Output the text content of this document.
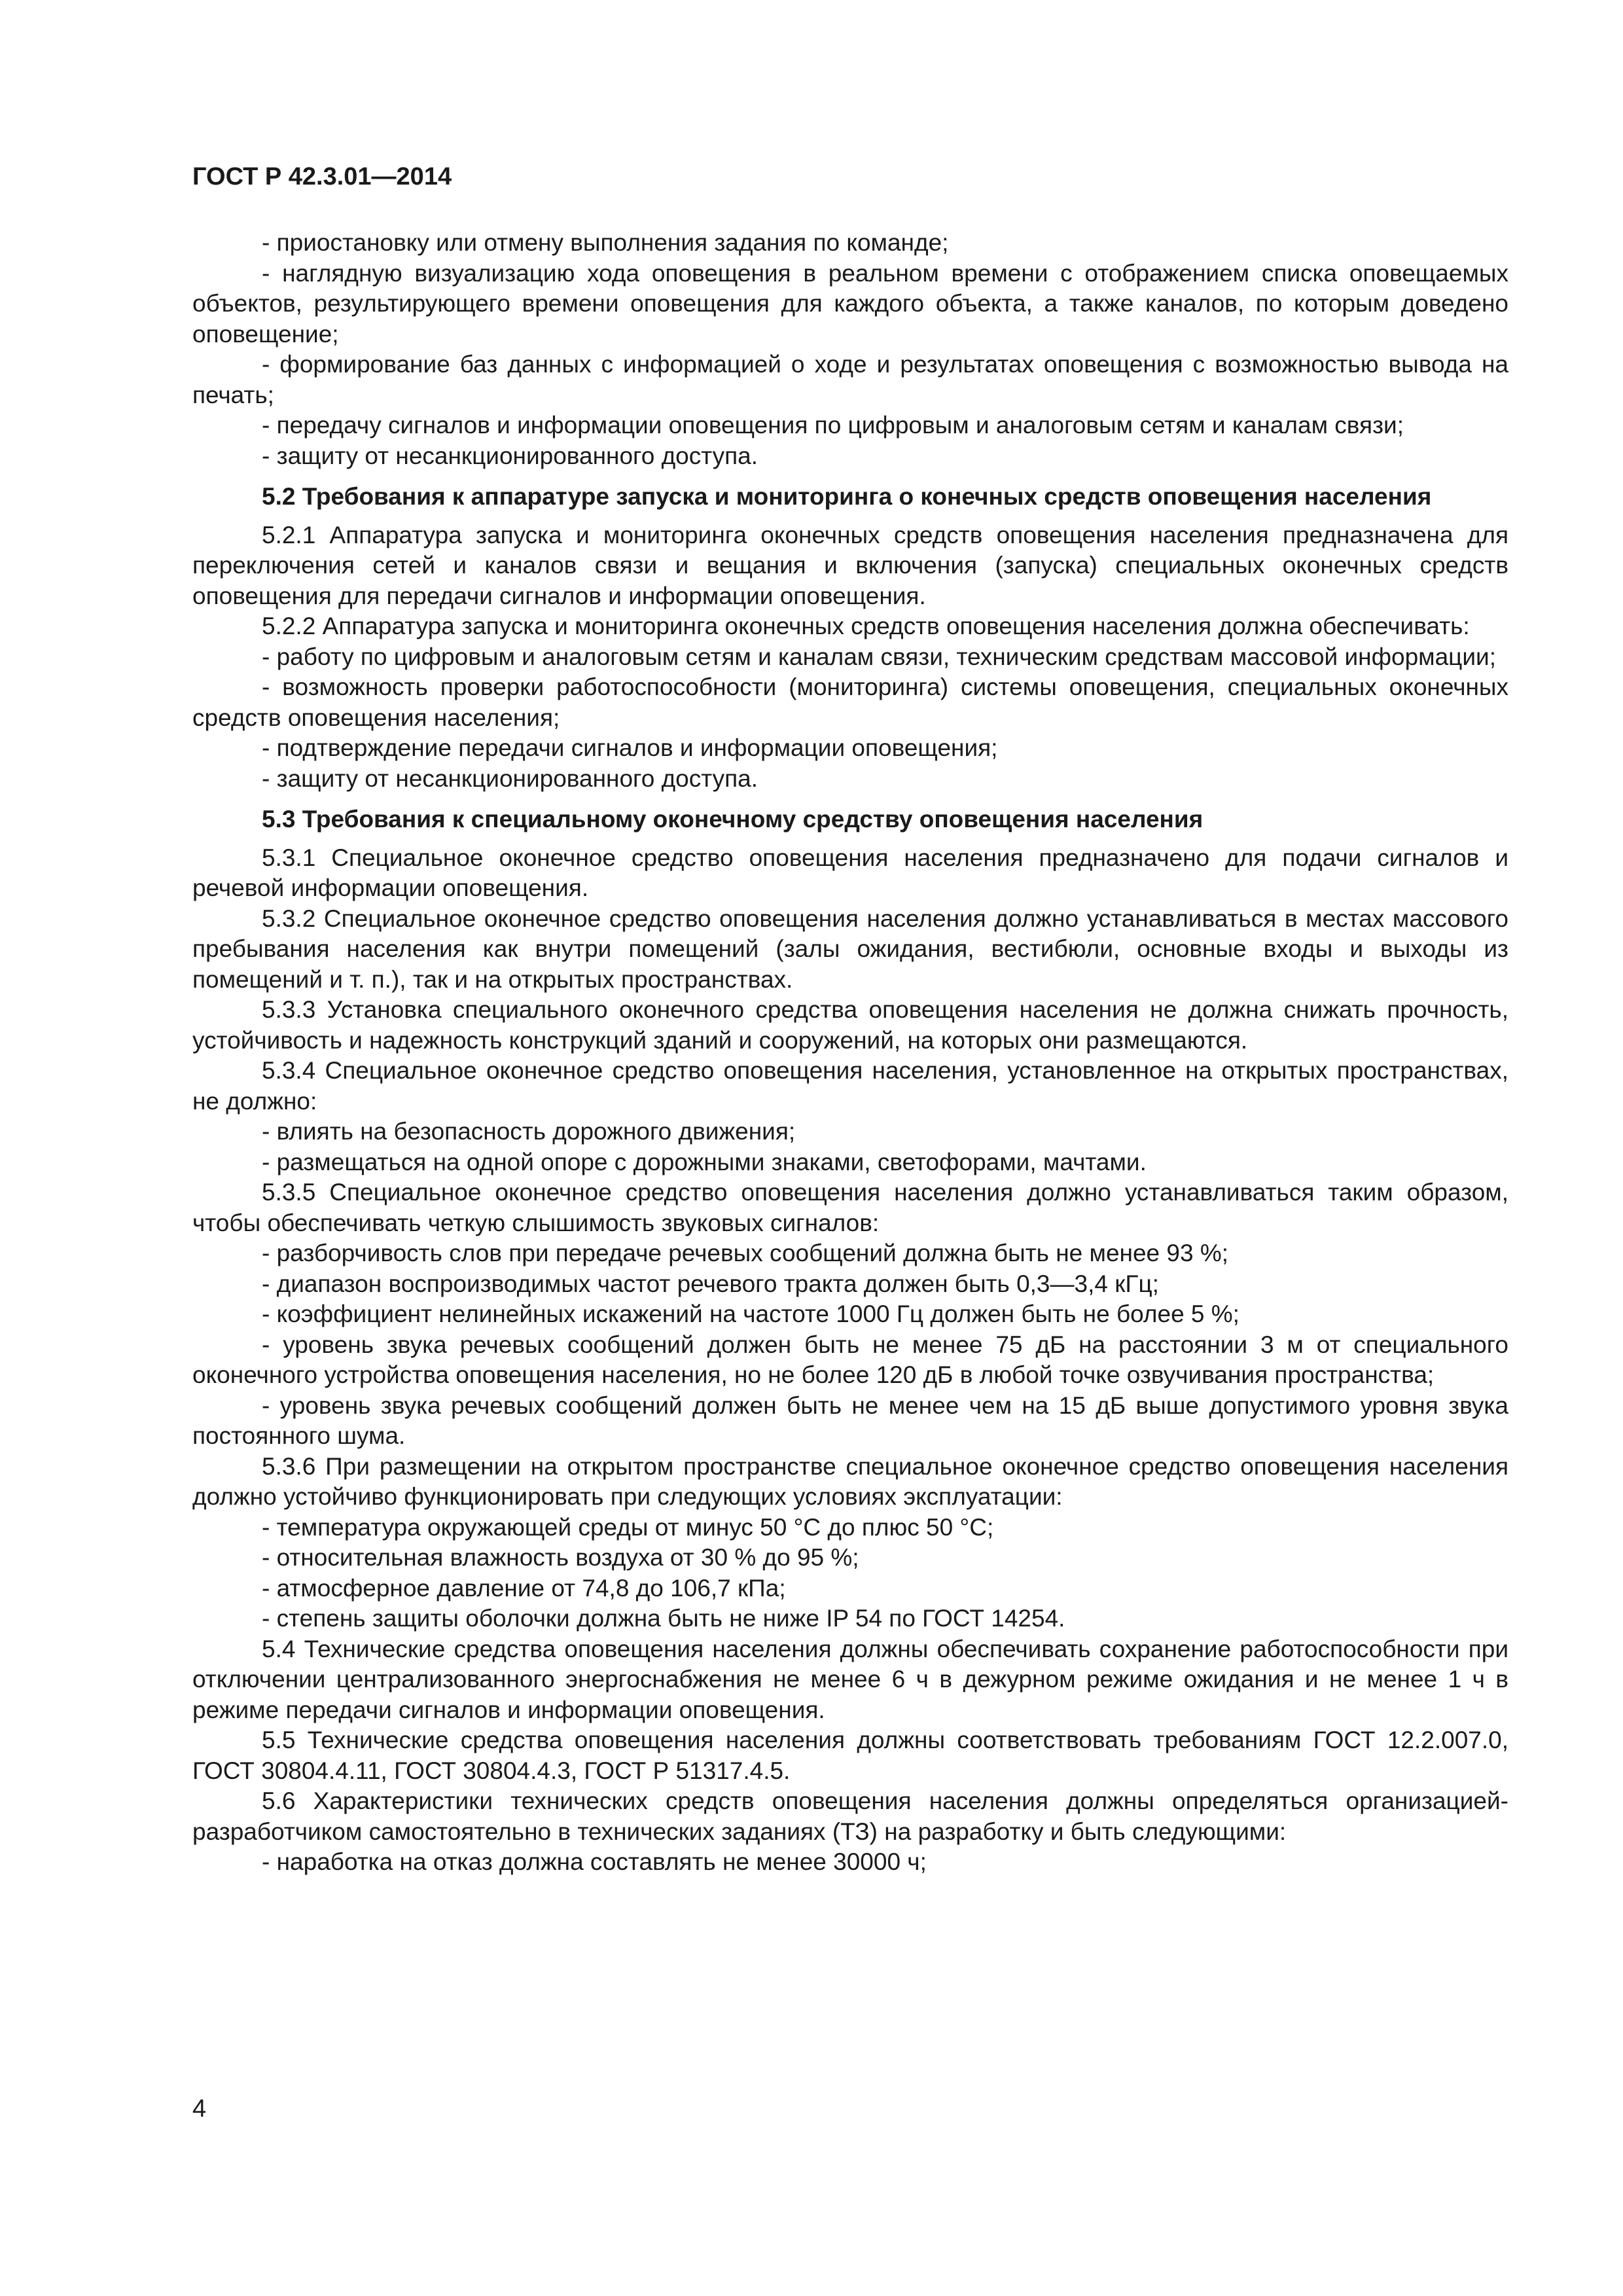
ГОСТ Р 42.3.01—2014

- приостановку или отмену выполнения задания по команде;

- наглядную визуализацию хода оповещения в реальном времени с отображением списка оповещаемых объектов, результирующего времени оповещения для каждого объекта, а также каналов, по которым доведено оповещение;

- формирование баз данных с информацией о ходе и результатах оповещения с возможностью вывода на печать;

- передачу сигналов и информации оповещения по цифровым и аналоговым сетям и каналам связи;

- защиту от несанкционированного доступа.

5.2 Требования к аппаратуре запуска и мониторинга о конечных средств оповещения населения

5.2.1 Аппаратура запуска и мониторинга оконечных средств оповещения населения предназначена для переключения сетей и каналов связи и вещания и включения (запуска) специальных оконечных средств оповещения для передачи сигналов и информации оповещения.

5.2.2 Аппаратура запуска и мониторинга оконечных средств оповещения населения должна обеспечивать:

- работу по цифровым и аналоговым сетям и каналам связи, техническим средствам массовой информации;

- возможность проверки работоспособности (мониторинга) системы оповещения, специальных оконечных средств оповещения населения;

- подтверждение передачи сигналов и информации оповещения;

- защиту от несанкционированного доступа.

5.3 Требования к специальному оконечному средству оповещения населения

5.3.1 Специальное оконечное средство оповещения населения предназначено для подачи сигналов и речевой информации оповещения.

5.3.2 Специальное оконечное средство оповещения населения должно устанавливаться в местах массового пребывания населения как внутри помещений (залы ожидания, вестибюли, основные входы и выходы из помещений и т. п.), так и на открытых пространствах.

5.3.3 Установка специального оконечного средства оповещения населения не должна снижать прочность, устойчивость и надежность конструкций зданий и сооружений, на которых они размещаются.

5.3.4 Специальное оконечное средство оповещения населения, установленное на открытых пространствах, не должно:

- влиять на безопасность дорожного движения;

- размещаться на одной опоре с дорожными знаками, светофорами, мачтами.

5.3.5 Специальное оконечное средство оповещения населения должно устанавливаться таким образом, чтобы обеспечивать четкую слышимость звуковых сигналов:

- разборчивость слов при передаче речевых сообщений должна быть не менее 93 %;

- диапазон воспроизводимых частот речевого тракта должен быть 0,3—3,4 кГц;

- коэффициент нелинейных искажений на частоте 1000 Гц должен быть не более 5 %;

- уровень звука речевых сообщений должен быть не менее 75 дБ на расстоянии 3 м от специального оконечного устройства оповещения населения, но не более 120 дБ в любой точке озвучивания пространства;

- уровень звука речевых сообщений должен быть не менее чем на 15 дБ выше допустимого уровня звука постоянного шума.

5.3.6 При размещении на открытом пространстве специальное оконечное средство оповещения населения должно устойчиво функционировать при следующих условиях эксплуатации:

- температура окружающей среды от минус 50 °С до плюс 50 °С;

- относительная влажность воздуха от 30 % до 95 %;

- атмосферное давление от 74,8 до 106,7 кПа;

- степень защиты оболочки должна быть не ниже IP 54 по ГОСТ 14254.

5.4 Технические средства оповещения населения должны обеспечивать сохранение работоспособности при отключении централизованного энергоснабжения не менее 6 ч в дежурном режиме ожидания и не менее 1 ч в режиме передачи сигналов и информации оповещения.

5.5 Технические средства оповещения населения должны соответствовать требованиям ГОСТ 12.2.007.0, ГОСТ 30804.4.11, ГОСТ 30804.4.3, ГОСТ Р 51317.4.5.

5.6 Характеристики технических средств оповещения населения должны определяться организацией-разработчиком самостоятельно в технических заданиях (ТЗ) на разработку и быть следующими:

- наработка на отказ должна составлять не менее 30000 ч;

4
